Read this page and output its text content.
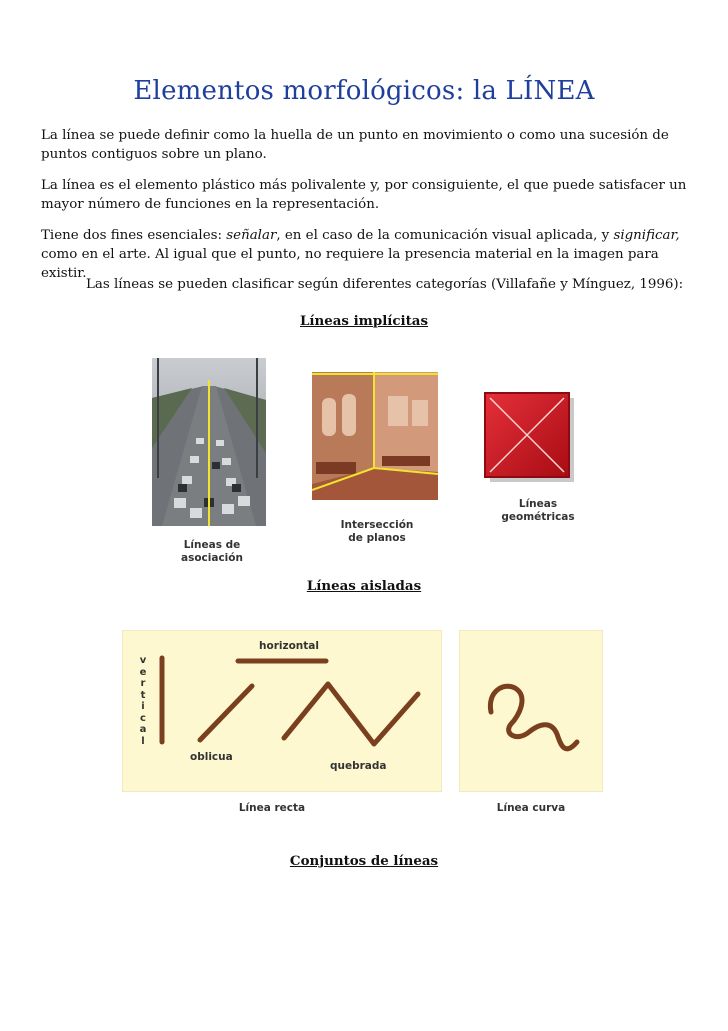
Elementos morfológicos: la LÍNEA

La línea se puede definir como la huella de un punto en movimiento o como una sucesión de puntos contiguos sobre un plano.

La línea es el elemento plástico más polivalente y, por consiguiente, el que puede satisfacer un mayor número de funciones en la representación.

Tiene dos fines esenciales: señalar, en el caso de la comunicación visual aplicada, y significar, como en el arte. Al igual que el punto, no requiere la presencia material en la imagen para existir.

Las líneas se pueden clasificar según diferentes categorías (Villafañe y Mínguez, 1996):

Líneas implícitas
Líneas de asociación
Intersección
de planos
Líneas
geométricas
Líneas aisladas
horizontal
v
e
r
t
i
c
a
l
oblicua
quebrada
Línea recta	Línea curva
Conjuntos de líneas
